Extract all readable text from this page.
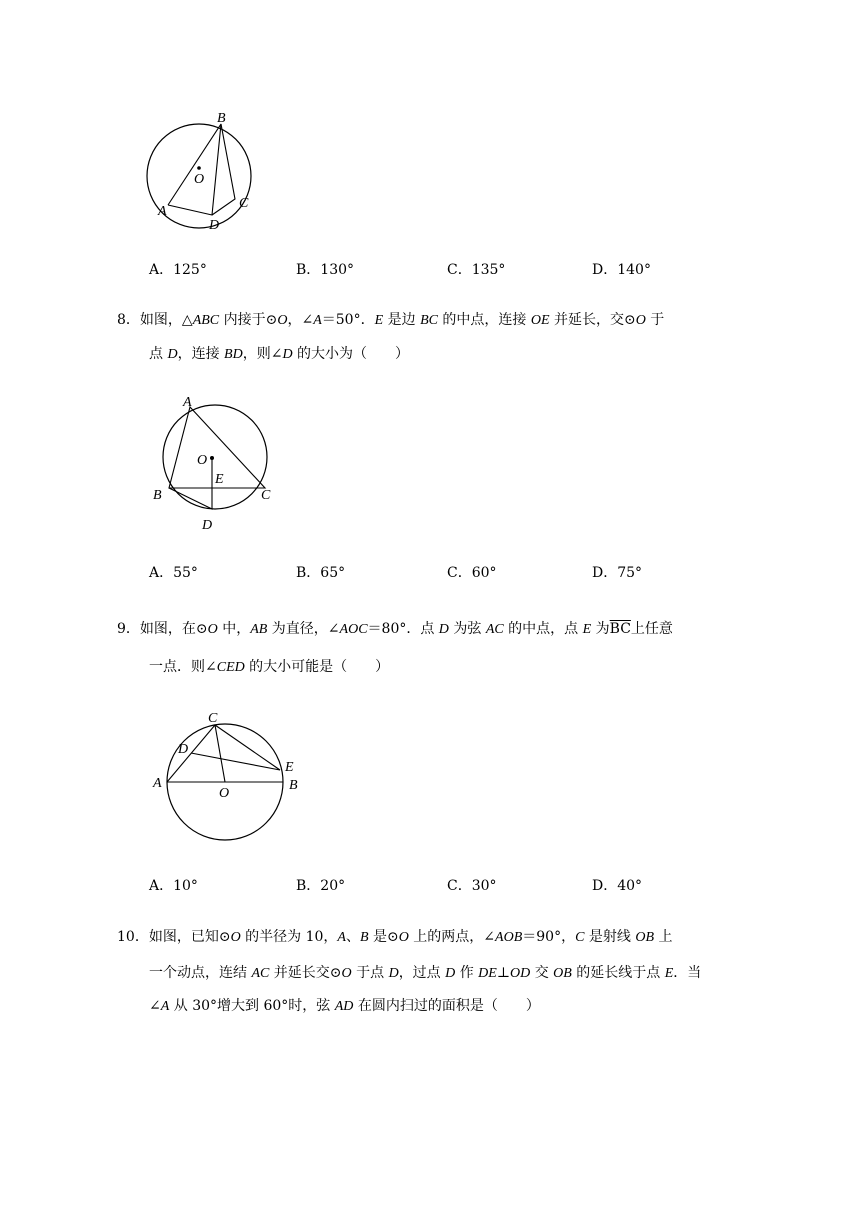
B
O
A
D
C
A．125°	B．130°	C．135°	D．140°
8．如图，△ABC 内接于⊙O，∠A＝50°．E 是边 BC 的中点，连接 OE 并延长，交⊙O 于
点 D，连接 BD，则∠D 的大小为（　　）
A
O
E
B	C
D
A．55°	B．65°	C．60°	D．75°
9．如图，在⊙O 中，AB 为直径，∠AOC＝80°．点 D 为弦 AC 的中点，点 E 为$\overline{BC}$上任意
一点．则∠CED 的大小可能是（　　）
C
D
A
O
E
B
A．10°	B．20°	C．30°	D．40°
10．如图，已知⊙O 的半径为 10，A、B 是⊙O 上的两点，∠AOB＝90°，C 是射线 OB 上
一个动点，连结 AC 并延长交⊙O 于点 D，过点 D 作 DE⊥OD 交 OB 的延长线于点 E．当
∠A 从 30°增大到 60°时，弦 AD 在圆内扫过的面积是（　　）
